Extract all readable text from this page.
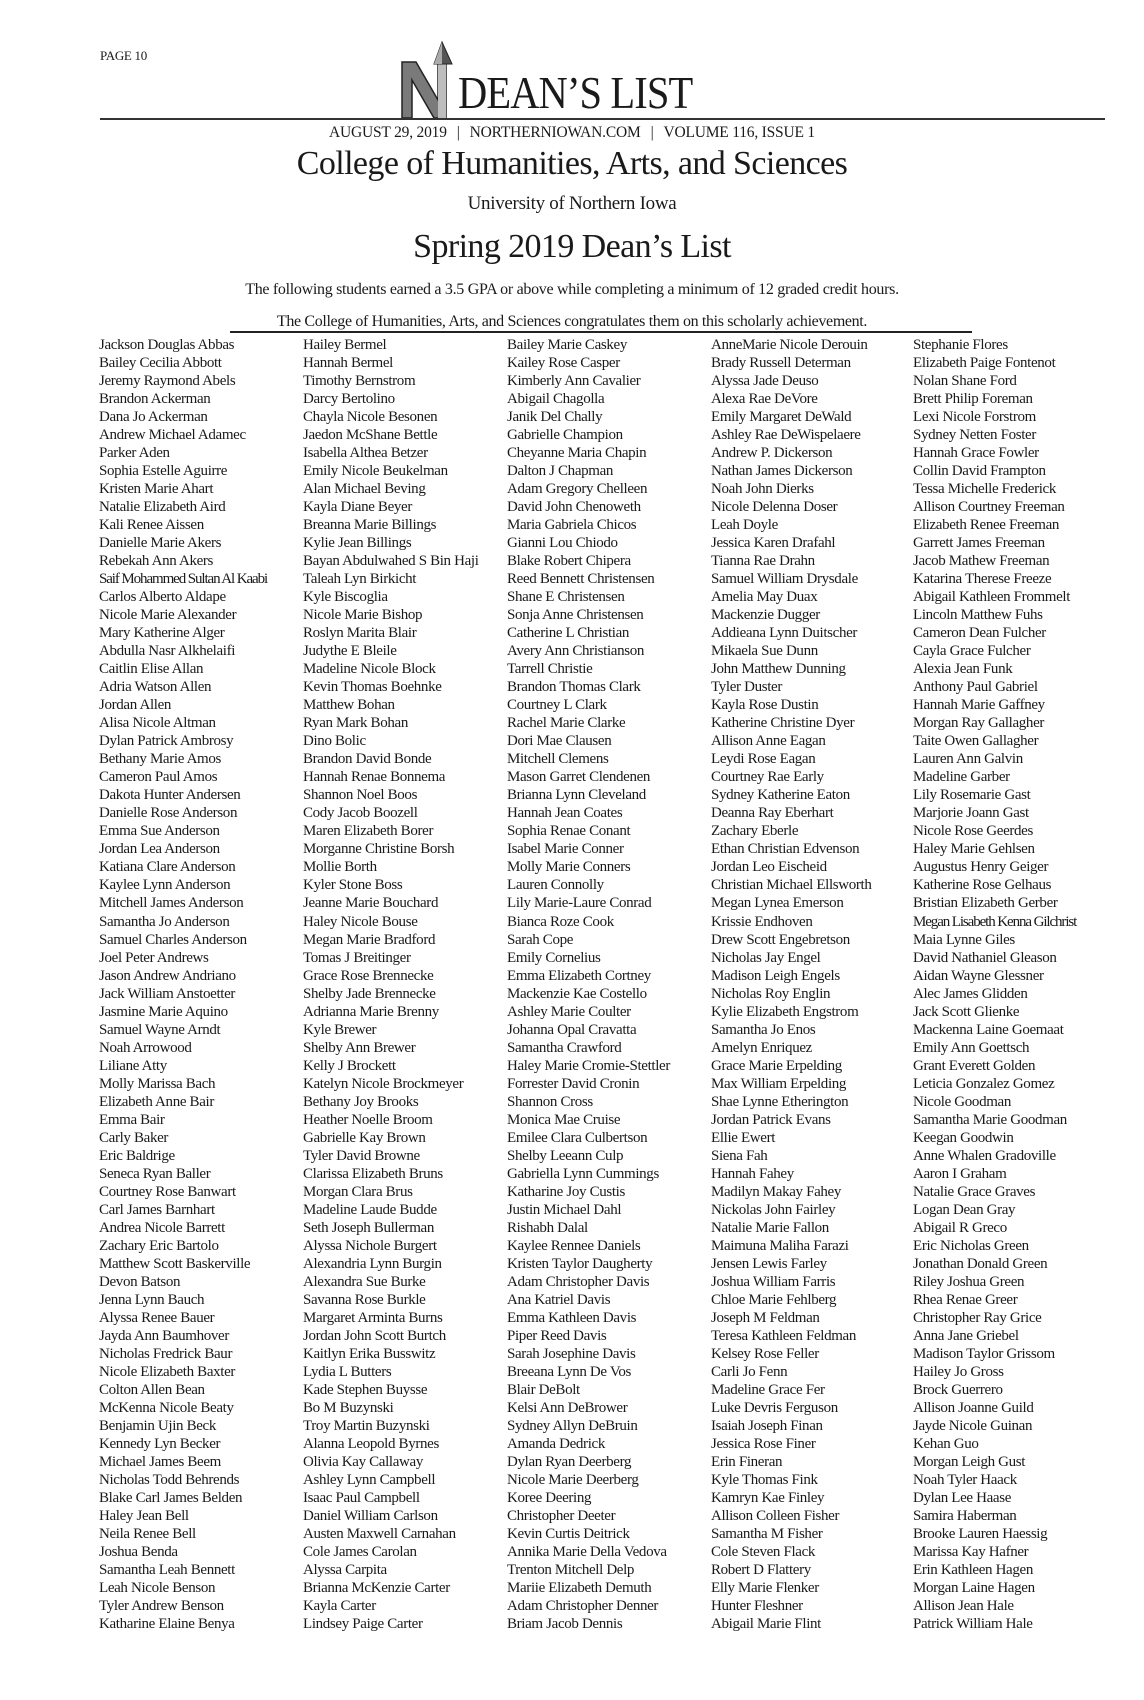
PAGE 10
DEAN’S LIST
AUGUST 29, 2019 | NORTHERNIOWAN.COM | VOLUME 116, ISSUE 1
College of Humanities, Arts, and Sciences
University of Northern Iowa
Spring 2019 Dean’s List
The following students earned a 3.5 GPA or above while completing a minimum of 12 graded credit hours.
The College of Humanities, Arts, and Sciences congratulates them on this scholarly achievement.
Jackson Douglas Abbas
Bailey Cecilia Abbott
Jeremy Raymond Abels
Brandon Ackerman
Dana Jo Ackerman
Andrew Michael Adamec
Parker Aden
Sophia Estelle Aguirre
Kristen Marie Ahart
Natalie Elizabeth Aird
Kali Renee Aissen
Danielle Marie Akers
Rebekah Ann Akers
Saif Mohammed Sultan Al Kaabi
Carlos Alberto Aldape
Nicole Marie Alexander
Mary Katherine Alger
Abdulla Nasr Alkhelaifi
Caitlin Elise Allan
Adria Watson Allen
Jordan Allen
Alisa Nicole Altman
Dylan Patrick Ambrosy
Bethany Marie Amos
Cameron Paul Amos
Dakota Hunter Andersen
Danielle Rose Anderson
Emma Sue Anderson
Jordan Lea Anderson
Katiana Clare Anderson
Kaylee Lynn Anderson
Mitchell James Anderson
Samantha Jo Anderson
Samuel Charles Anderson
Joel Peter Andrews
Jason Andrew Andriano
Jack William Anstoetter
Jasmine Marie Aquino
Samuel Wayne Arndt
Noah Arrowood
Liliane Atty
Molly Marissa Bach
Elizabeth Anne Bair
Emma Bair
Carly Baker
Eric Baldrige
Seneca Ryan Baller
Courtney Rose Banwart
Carl James Barnhart
Andrea Nicole Barrett
Zachary Eric Bartolo
Matthew Scott Baskerville
Devon Batson
Jenna Lynn Bauch
Alyssa Renee Bauer
Jayda Ann Baumhover
Nicholas Fredrick Baur
Nicole Elizabeth Baxter
Colton Allen Bean
McKenna Nicole Beaty
Benjamin Ujin Beck
Kennedy Lyn Becker
Michael James Beem
Nicholas Todd Behrends
Blake Carl James Belden
Haley Jean Bell
Neila Renee Bell
Joshua Benda
Samantha Leah Bennett
Leah Nicole Benson
Tyler Andrew Benson
Katharine Elaine Benya
Hailey Bermel
Hannah Bermel
Timothy Bernstrom
Darcy Bertolino
Chayla Nicole Besonen
Jaedon McShane Bettle
Isabella Althea Betzer
Emily Nicole Beukelman
Alan Michael Beving
Kayla Diane Beyer
Breanna Marie Billings
Kylie Jean Billings
Bayan Abdulwahed S Bin Haji
Taleah Lyn Birkicht
Kyle Biscoglia
Nicole Marie Bishop
Roslyn Marita Blair
Judythe E Bleile
Madeline Nicole Block
Kevin Thomas Boehnke
Matthew Bohan
Ryan Mark Bohan
Dino Bolic
Brandon David Bonde
Hannah Renae Bonnema
Shannon Noel Boos
Cody Jacob Boozell
Maren Elizabeth Borer
Morganne Christine Borsh
Mollie Borth
Kyler Stone Boss
Jeanne Marie Bouchard
Haley Nicole Bouse
Megan Marie Bradford
Tomas J Breitinger
Grace Rose Brennecke
Shelby Jade Brennecke
Adrianna Marie Brenny
Kyle Brewer
Shelby Ann Brewer
Kelly J Brockett
Katelyn Nicole Brockmeyer
Bethany Joy Brooks
Heather Noelle Broom
Gabrielle Kay Brown
Tyler David Browne
Clarissa Elizabeth Bruns
Morgan Clara Brus
Madeline Laude Budde
Seth Joseph Bullerman
Alyssa Nichole Burgert
Alexandria Lynn Burgin
Alexandra Sue Burke
Savanna Rose Burkle
Margaret Arminta Burns
Jordan John Scott Burtch
Kaitlyn Erika Busswitz
Lydia L Butters
Kade Stephen Buysse
Bo M Buzynski
Troy Martin Buzynski
Alanna Leopold Byrnes
Olivia Kay Callaway
Ashley Lynn Campbell
Isaac Paul Campbell
Daniel William Carlson
Austen Maxwell Carnahan
Cole James Carolan
Alyssa Carpita
Brianna McKenzie Carter
Kayla Carter
Lindsey Paige Carter
Bailey Marie Caskey
Kailey Rose Casper
Kimberly Ann Cavalier
Abigail Chagolla
Janik Del Chally
Gabrielle Champion
Cheyanne Maria Chapin
Dalton J Chapman
Adam Gregory Chelleen
David John Chenoweth
Maria Gabriela Chicos
Gianni Lou Chiodo
Blake Robert Chipera
Reed Bennett Christensen
Shane E Christensen
Sonja Anne Christensen
Catherine L Christian
Avery Ann Christianson
Tarrell Christie
Brandon Thomas Clark
Courtney L Clark
Rachel Marie Clarke
Dori Mae Clausen
Mitchell Clemens
Mason Garret Clendenen
Brianna Lynn Cleveland
Hannah Jean Coates
Sophia Renae Conant
Isabel Marie Conner
Molly Marie Conners
Lauren Connolly
Lily Marie-Laure Conrad
Bianca Roze Cook
Sarah Cope
Emily Cornelius
Emma Elizabeth Cortney
Mackenzie Kae Costello
Ashley Marie Coulter
Johanna Opal Cravatta
Samantha Crawford
Haley Marie Cromie-Stettler
Forrester David Cronin
Shannon Cross
Monica Mae Cruise
Emilee Clara Culbertson
Shelby Leeann Culp
Gabriella Lynn Cummings
Katharine Joy Custis
Justin Michael Dahl
Rishabh Dalal
Kaylee Rennee Daniels
Kristen Taylor Daugherty
Adam Christopher Davis
Ana Katriel Davis
Emma Kathleen Davis
Piper Reed Davis
Sarah Josephine Davis
Breeana Lynn De Vos
Blair DeBolt
Kelsi Ann DeBrower
Sydney Allyn DeBruin
Amanda Dedrick
Dylan Ryan Deerberg
Nicole Marie Deerberg
Koree Deering
Christopher Deeter
Kevin Curtis Deitrick
Annika Marie Della Vedova
Trenton Mitchell Delp
Mariie Elizabeth Demuth
Adam Christopher Denner
Briam Jacob Dennis
AnneMarie Nicole Derouin
Brady Russell Determan
Alyssa Jade Deuso
Alexa Rae DeVore
Emily Margaret DeWald
Ashley Rae DeWispelaere
Andrew P. Dickerson
Nathan James Dickerson
Noah John Dierks
Nicole Delenna Doser
Leah Doyle
Jessica Karen Drafahl
Tianna Rae Drahn
Samuel William Drysdale
Amelia May Duax
Mackenzie Dugger
Addieana Lynn Duitscher
Mikaela Sue Dunn
John Matthew Dunning
Tyler Duster
Kayla Rose Dustin
Katherine Christine Dyer
Allison Anne Eagan
Leydi Rose Eagan
Courtney Rae Early
Sydney Katherine Eaton
Deanna Ray Eberhart
Zachary Eberle
Ethan Christian Edvenson
Jordan Leo Eischeid
Christian Michael Ellsworth
Megan Lynea Emerson
Krissie Endhoven
Drew Scott Engebretson
Nicholas Jay Engel
Madison Leigh Engels
Nicholas Roy Englin
Kylie Elizabeth Engstrom
Samantha Jo Enos
Amelyn Enriquez
Grace Marie Erpelding
Max William Erpelding
Shae Lynne Etherington
Jordan Patrick Evans
Ellie Ewert
Siena Fah
Hannah Fahey
Madilyn Makay Fahey
Nickolas John Fairley
Natalie Marie Fallon
Maimuna Maliha Farazi
Jensen Lewis Farley
Joshua William Farris
Chloe Marie Fehlberg
Joseph M Feldman
Teresa Kathleen Feldman
Kelsey Rose Feller
Carli Jo Fenn
Madeline Grace Fer
Luke Devris Ferguson
Isaiah Joseph Finan
Jessica Rose Finer
Erin Fineran
Kyle Thomas Fink
Kamryn Kae Finley
Allison Colleen Fisher
Samantha M Fisher
Cole Steven Flack
Robert D Flattery
Elly Marie Flenker
Hunter Fleshner
Abigail Marie Flint
Stephanie Flores
Elizabeth Paige Fontenot
Nolan Shane Ford
Brett Philip Foreman
Lexi Nicole Forstrom
Sydney Netten Foster
Hannah Grace Fowler
Collin David Frampton
Tessa Michelle Frederick
Allison Courtney Freeman
Elizabeth Renee Freeman
Garrett James Freeman
Jacob Mathew Freeman
Katarina Therese Freeze
Abigail Kathleen Frommelt
Lincoln Matthew Fuhs
Cameron Dean Fulcher
Cayla Grace Fulcher
Alexia Jean Funk
Anthony Paul Gabriel
Hannah Marie Gaffney
Morgan Ray Gallagher
Taite Owen Gallagher
Lauren Ann Galvin
Madeline Garber
Lily Rosemarie Gast
Marjorie Joann Gast
Nicole Rose Geerdes
Haley Marie Gehlsen
Augustus Henry Geiger
Katherine Rose Gelhaus
Bristian Elizabeth Gerber
Megan Lisabeth Kenna Gilchrist
Maia Lynne Giles
David Nathaniel Gleason
Aidan Wayne Glessner
Alec James Glidden
Jack Scott Glienke
Mackenna Laine Goemaat
Emily Ann Goettsch
Grant Everett Golden
Leticia Gonzalez Gomez
Nicole Goodman
Samantha Marie Goodman
Keegan Goodwin
Anne Whalen Gradoville
Aaron I Graham
Natalie Grace Graves
Logan Dean Gray
Abigail R Greco
Eric Nicholas Green
Jonathan Donald Green
Riley Joshua Green
Rhea Renae Greer
Christopher Ray Grice
Anna Jane Griebel
Madison Taylor Grissom
Hailey Jo Gross
Brock Guerrero
Allison Joanne Guild
Jayde Nicole Guinan
Kehan Guo
Morgan Leigh Gust
Noah Tyler Haack
Dylan Lee Haase
Samira Haberman
Brooke Lauren Haessig
Marissa Kay Hafner
Erin Kathleen Hagen
Morgan Laine Hagen
Allison Jean Hale
Patrick William Hale
